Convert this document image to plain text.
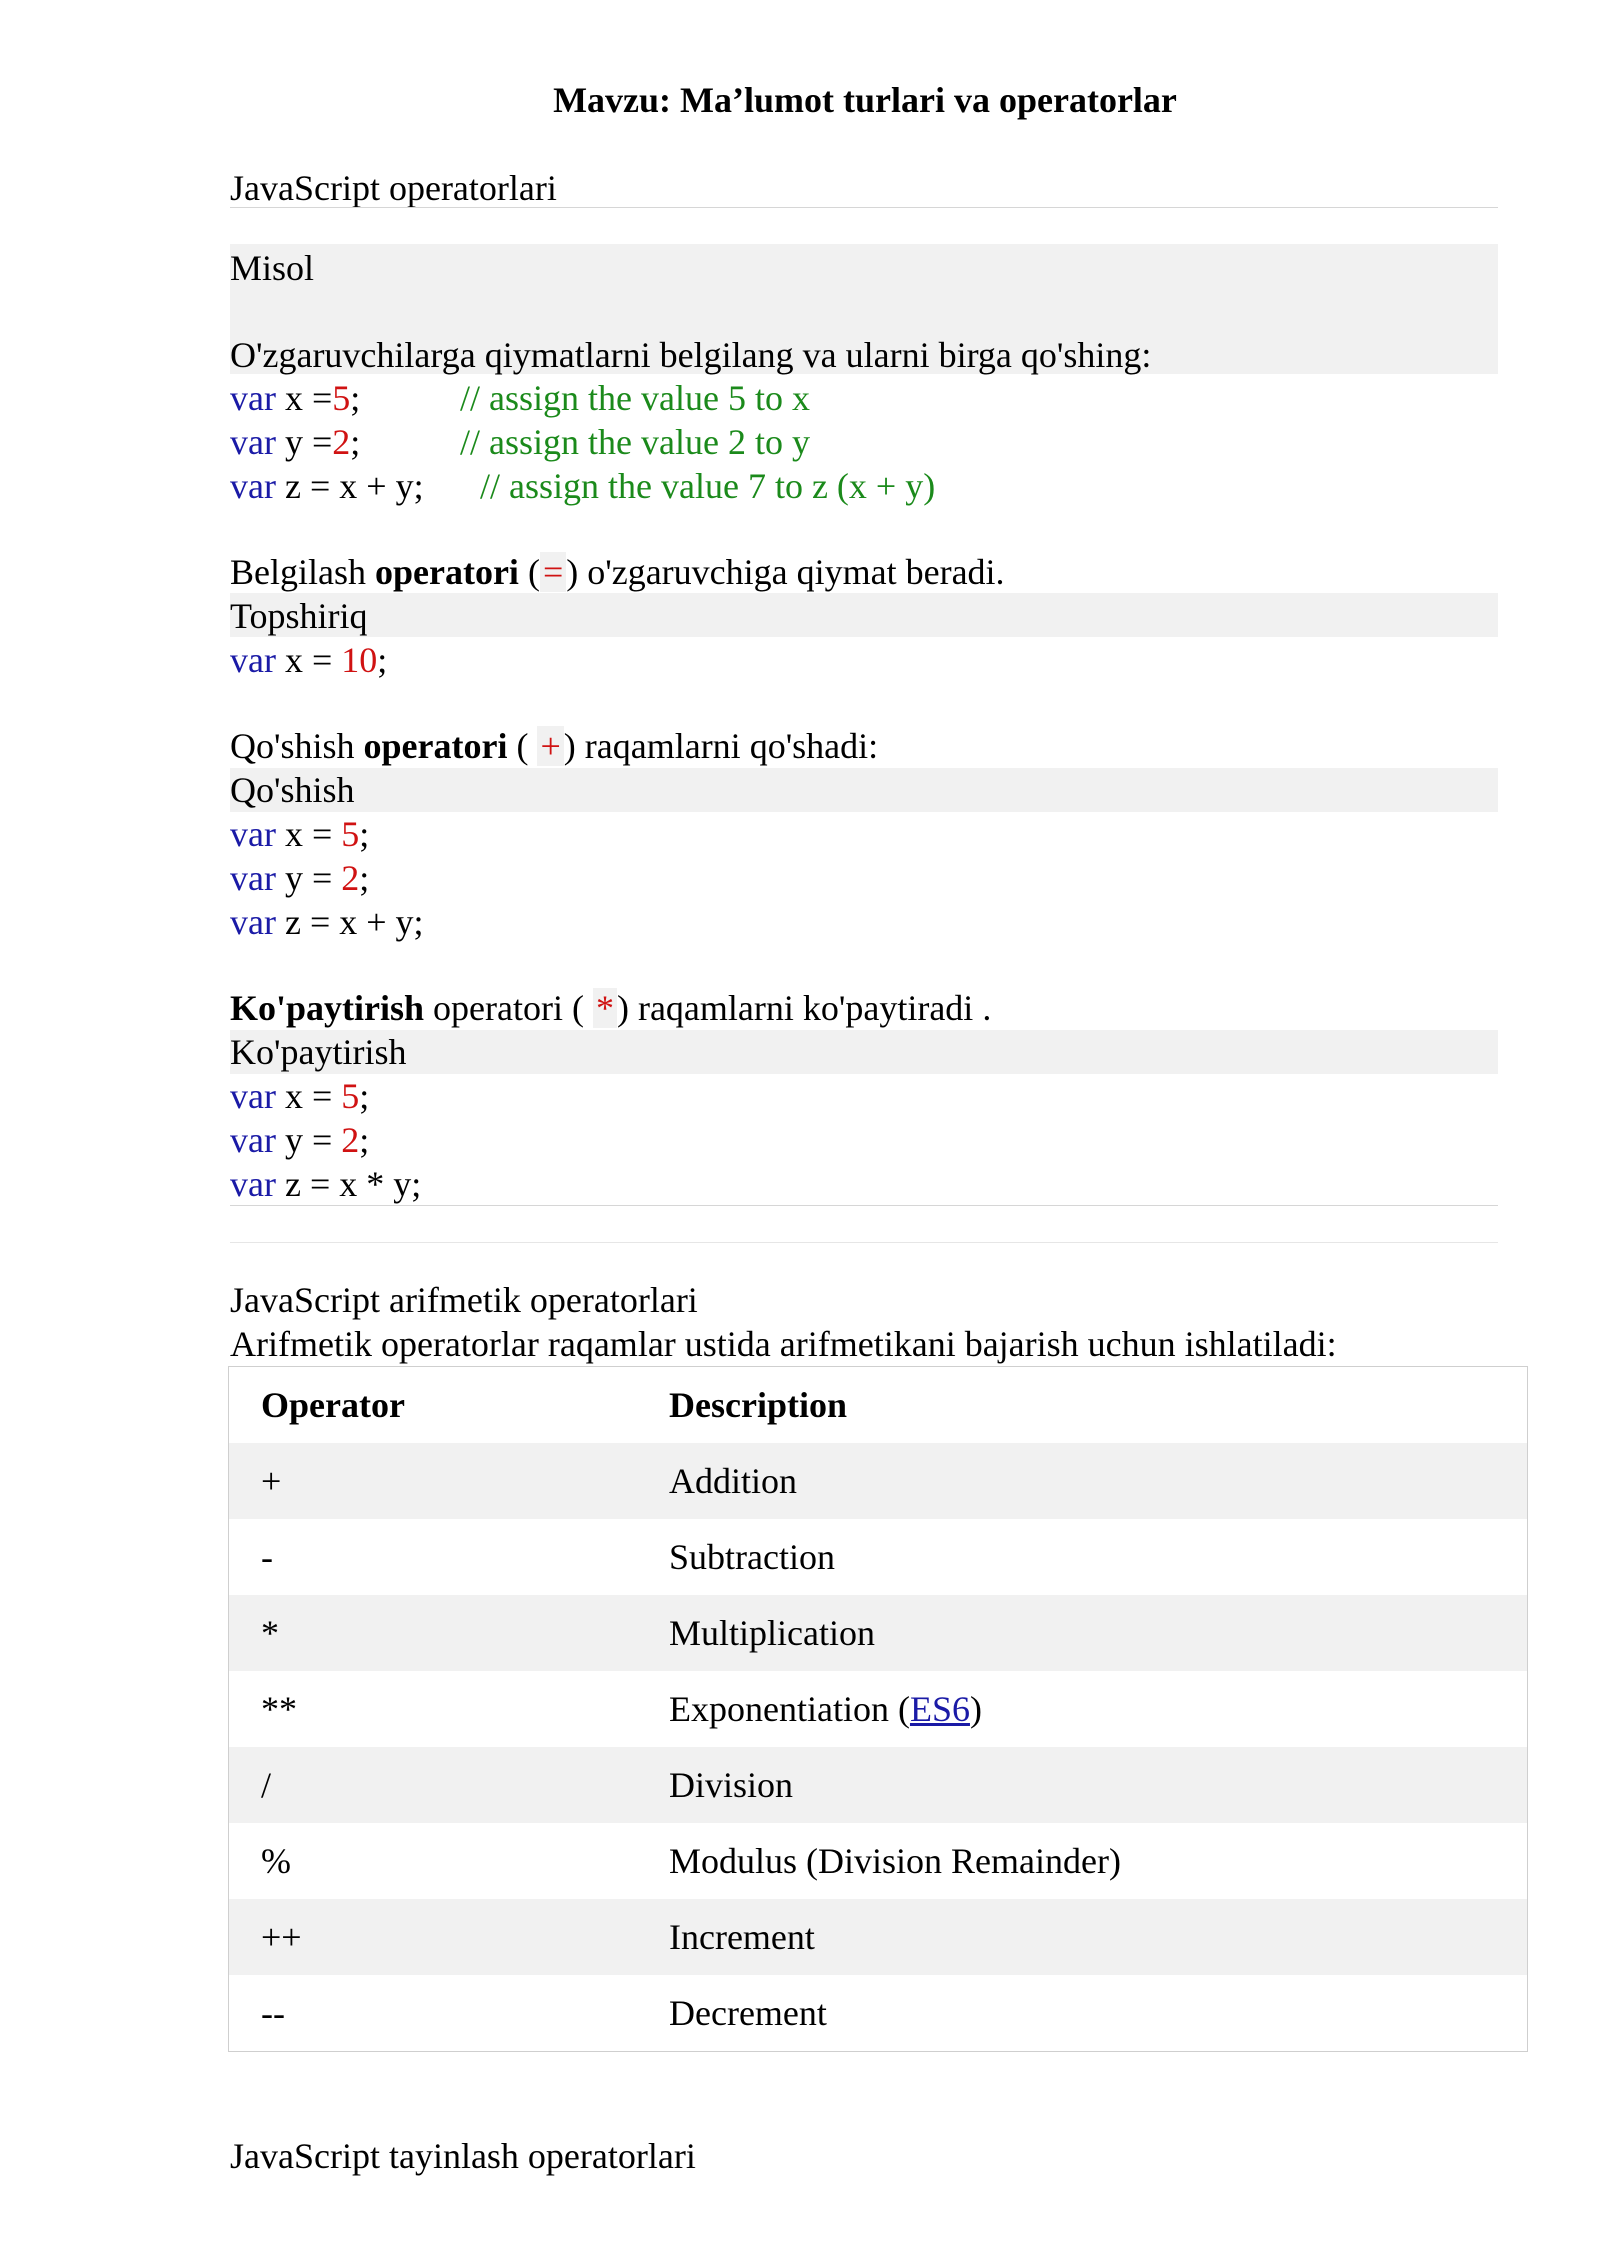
Mavzu: Ma’lumot turlari va operatorlar
JavaScript operatorlari
Misol
O'zgaruvchilarga qiymatlarni belgilang va ularni birga qo'shing:
var x =5;	// assign the value 5 to x
var y =2;	// assign the value 2 to y
var z = x + y; // assign the value 7 to z (x + y)
Belgilash operatori (=) o'zgaruvchiga qiymat beradi.
Topshiriq
var x = 10;
Qo'shish operatori ( +) raqamlarni qo'shadi:
Qo'shish
var x = 5;
var y = 2;
var z = x + y;
Ko'paytirish operatori ( *) raqamlarni ko'paytiradi .
Ko'paytirish
var x = 5;
var y = 2;
var z = x * y;
JavaScript arifmetik operatorlari
Arifmetik operatorlar raqamlar ustida arifmetikani bajarish uchun ishlatiladi:
Operator	Description
+	Addition
-	Subtraction
*	Multiplication
**	Exponentiation (ES6)
/	Division
%	Modulus (Division Remainder)
++	Increment
--	Decrement
JavaScript tayinlash operatorlari
